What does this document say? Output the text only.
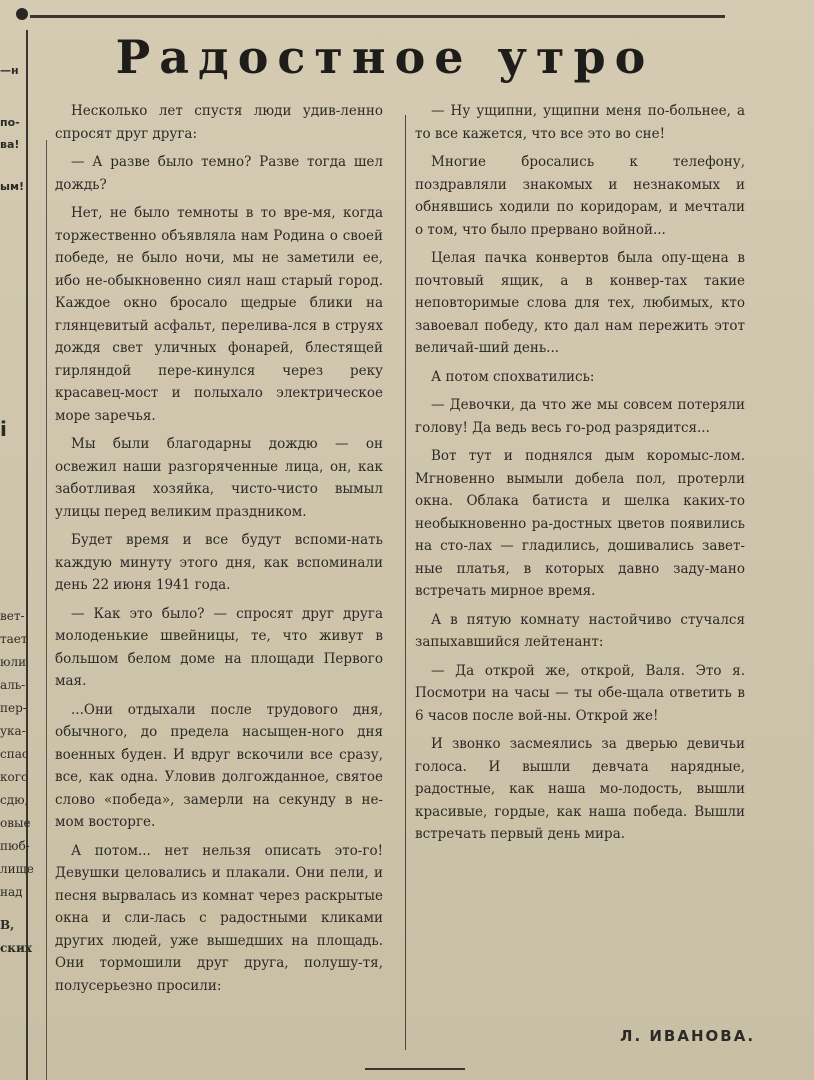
—н
по-
ва!
ым!
і
вет-
тает
юли
аль-
пер-
ука-
спас
кого
сдю,
овые
пюб-
лище
над
В,
ских
Радостное утро

Несколько лет спустя люди удив-ленно спросят друг друга:

— А разве было темно? Разве тогда шел дождь?

Нет, не было темноты в то вре-мя, когда торжественно объявляла нам Родина о своей победе, не было ночи, мы не заметили ее, ибо не-обыкновенно сиял наш старый город. Каждое окно бросало щедрые блики на глянцевитый асфальт, перелива-лся в струях дождя свет уличных фонарей, блестящей гирляндой пере-кинулся через реку красавец-мост и полыхало электрическое море заречья.

Мы были благодарны дождю — он освежил наши разгоряченные лица, он, как заботливая хозяйка, чисто-чисто вымыл улицы перед великим праздником.

Будет время и все будут вспоми-нать каждую минуту этого дня, как вспоминали день 22 июня 1941 года.

— Как это было? — спросят друг друга молоденькие швейницы, те, что живут в большом белом доме на площади Первого мая.

...Они отдыхали после трудового дня, обычного, до предела насыщен-ного дня военных буден. И вдруг вскочили все сразу, все, как одна. Уловив долгожданное, святое слово «победа», замерли на секунду в не-мом восторге.

А потом... нет нельзя описать это-го! Девушки целовались и плакали. Они пели, и песня вырвалась из комнат через раскрытые окна и сли-лась с радостными кликами других людей, уже вышедших на площадь. Они тормошили друг друга, полушу-тя, полусерьезно просили:

— Ну ущипни, ущипни меня по-больнее, а то все кажется, что все это во сне!

Многие бросались к телефону, поздравляли знакомых и незнакомых и обнявшись ходили по коридорам, и мечтали о том, что было прервано войной...

Целая пачка конвертов была опу-щена в почтовый ящик, а в конвер-тах такие неповторимые слова для тех, любимых, кто завоевал победу, кто дал нам пережить этот величай-ший день...

А потом спохватились:

— Девочки, да что же мы совсем потеряли голову! Да ведь весь го-род разрядится...

Вот тут и поднялся дым коромыс-лом. Мгновенно вымыли добела пол, протерли окна. Облака батиста и шелка каких-то необыкновенно ра-достных цветов появились на сто-лах — гладились, дошивались завет-ные платья, в которых давно заду-мано встречать мирное время.

А в пятую комнату настойчиво стучался запыхавшийся лейтенант:

— Да открой же, открой, Валя. Это я. Посмотри на часы — ты обе-щала ответить в 6 часов после вой-ны. Открой же!

И звонко засмеялись за дверью девичьи голоса. И вышли девчата нарядные, радостные, как наша мо-лодость, вышли красивые, гордые, как наша победа. Вышли встречать первый день мира.

Л. ИВАНОВА.
